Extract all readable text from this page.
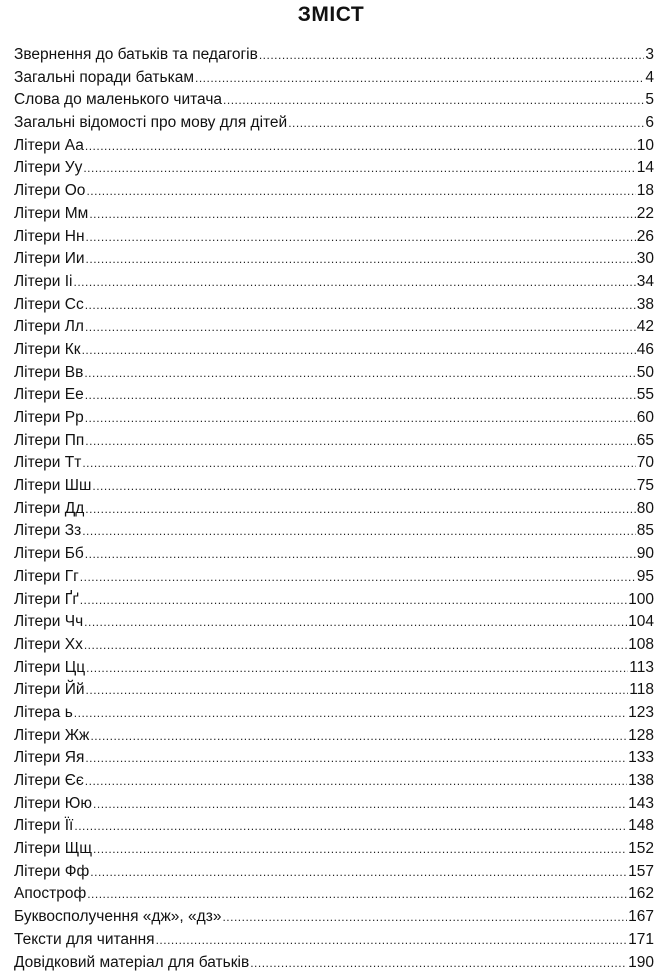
ЗМІСТ
Звернення до батьків та педагогів .....	3
Загальні поради батькам .....	4
Слова до маленького читача .....	5
Загальні відомості про мову для дітей .....	6
Літери Аа .....	10
Літери Уу .....	14
Літери Оо .....	18
Літери Мм .....	22
Літери Нн .....	26
Літери Ии .....	30
Літери Іі .....	34
Літери Сс .....	38
Літери Лл .....	42
Літери Кк .....	46
Літери Вв .....	50
Літери Ее .....	55
Літери Рр .....	60
Літери Пп .....	65
Літери Тт .....	70
Літери Шш .....	75
Літери Дд .....	80
Літери Зз .....	85
Літери Бб .....	90
Літери Гг .....	95
Літери Ґґ .....	100
Літери Чч .....	104
Літери Хх .....	108
Літери Цц .....	113
Літери Йй .....	118
Літера ь .....	123
Літери Жж .....	128
Літери Яя .....	133
Літери Єє .....	138
Літери Юю .....	143
Літери Її .....	148
Літери Щщ .....	152
Літери Фф .....	157
Апостроф .....	162
Буквосполучення «дж», «дз» .....	167
Тексти для читання .....	171
Довідковий матеріал для батьків .....	190
